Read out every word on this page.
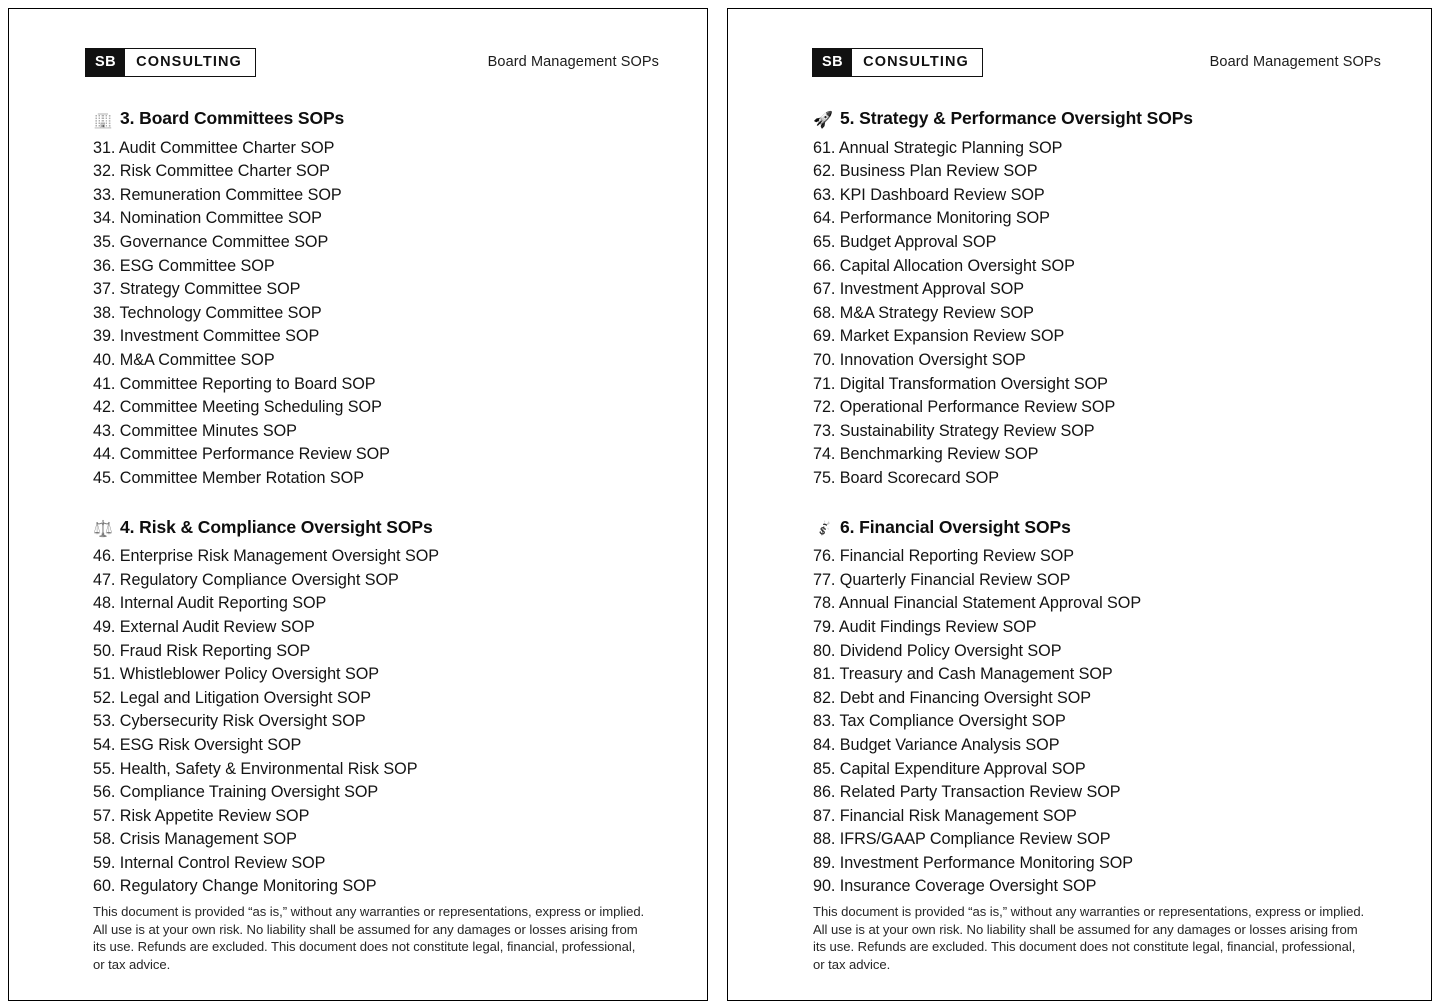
SB	CONSULTING	Board Management SOPs
🏢 3. Board Committees SOPs
31. Audit Committee Charter SOP
32. Risk Committee Charter SOP
33. Remuneration Committee SOP
34. Nomination Committee SOP
35. Governance Committee SOP
36. ESG Committee SOP
37. Strategy Committee SOP
38. Technology Committee SOP
39. Investment Committee SOP
40. M&A Committee SOP
41. Committee Reporting to Board SOP
42. Committee Meeting Scheduling SOP
43. Committee Minutes SOP
44. Committee Performance Review SOP
45. Committee Member Rotation SOP
⚖️ 4. Risk & Compliance Oversight SOPs
46. Enterprise Risk Management Oversight SOP
47. Regulatory Compliance Oversight SOP
48. Internal Audit Reporting SOP
49. External Audit Review SOP
50. Fraud Risk Reporting SOP
51. Whistleblower Policy Oversight SOP
52. Legal and Litigation Oversight SOP
53. Cybersecurity Risk Oversight SOP
54. ESG Risk Oversight SOP
55. Health, Safety & Environmental Risk SOP
56. Compliance Training Oversight SOP
57. Risk Appetite Review SOP
58. Crisis Management SOP
59. Internal Control Review SOP
60. Regulatory Change Monitoring SOP
This document is provided “as is,” without any warranties or representations, express or implied. All use is at your own risk. No liability shall be assumed for any damages or losses arising from its use. Refunds are excluded. This document does not constitute legal, financial, professional, or tax advice.
SB	CONSULTING	Board Management SOPs
🚀 5. Strategy & Performance Oversight SOPs
61. Annual Strategic Planning SOP
62. Business Plan Review SOP
63. KPI Dashboard Review SOP
64. Performance Monitoring SOP
65. Budget Approval SOP
66. Capital Allocation Oversight SOP
67. Investment Approval SOP
68. M&A Strategy Review SOP
69. Market Expansion Review SOP
70. Innovation Oversight SOP
71. Digital Transformation Oversight SOP
72. Operational Performance Review SOP
73. Sustainability Strategy Review SOP
74. Benchmarking Review SOP
75. Board Scorecard SOP
💰 6. Financial Oversight SOPs
76. Financial Reporting Review SOP
77. Quarterly Financial Review SOP
78. Annual Financial Statement Approval SOP
79. Audit Findings Review SOP
80. Dividend Policy Oversight SOP
81. Treasury and Cash Management SOP
82. Debt and Financing Oversight SOP
83. Tax Compliance Oversight SOP
84. Budget Variance Analysis SOP
85. Capital Expenditure Approval SOP
86. Related Party Transaction Review SOP
87. Financial Risk Management SOP
88. IFRS/GAAP Compliance Review SOP
89. Investment Performance Monitoring SOP
90. Insurance Coverage Oversight SOP
This document is provided “as is,” without any warranties or representations, express or implied. All use is at your own risk. No liability shall be assumed for any damages or losses arising from its use. Refunds are excluded. This document does not constitute legal, financial, professional, or tax advice.
